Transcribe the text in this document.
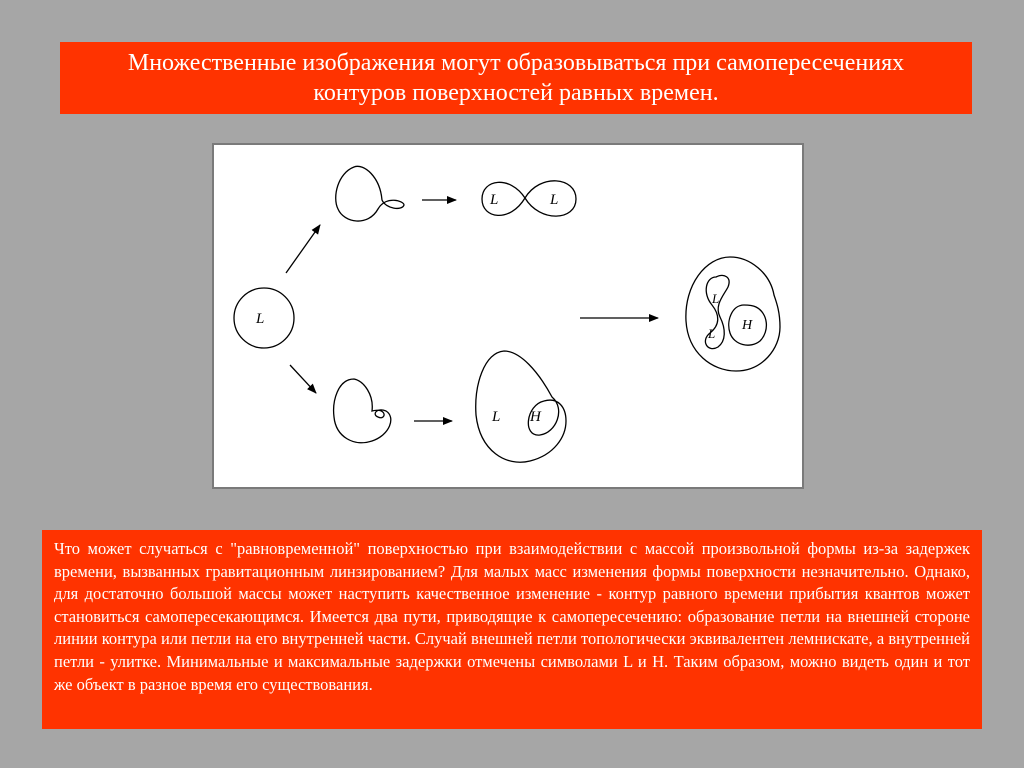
Множественные изображения могут образовываться при самопересечениях контуров поверхностей равных времен.
L
L	L
L H
L
L
H
Что может случаться с "равновременной" поверхностью при взаимодействии с массой произвольной формы из-за задержек времени, вызванных гравитационным линзированием? Для малых масс изменения формы поверхности незначительно. Однако, для достаточно большой массы может наступить качественное изменение - контур равного времени прибытия квантов может становиться самопересекающимся. Имеется два пути, приводящие к самопересечению: образование петли на внешней стороне линии контура или петли на его внутренней части. Случай внешней петли топологически эквивалентен лемнискате, а внутренней петли - улитке. Минимальные и максимальные задержки отмечены символами L и H. Таким образом, можно видеть один и тот же объект в разное время его существования.
